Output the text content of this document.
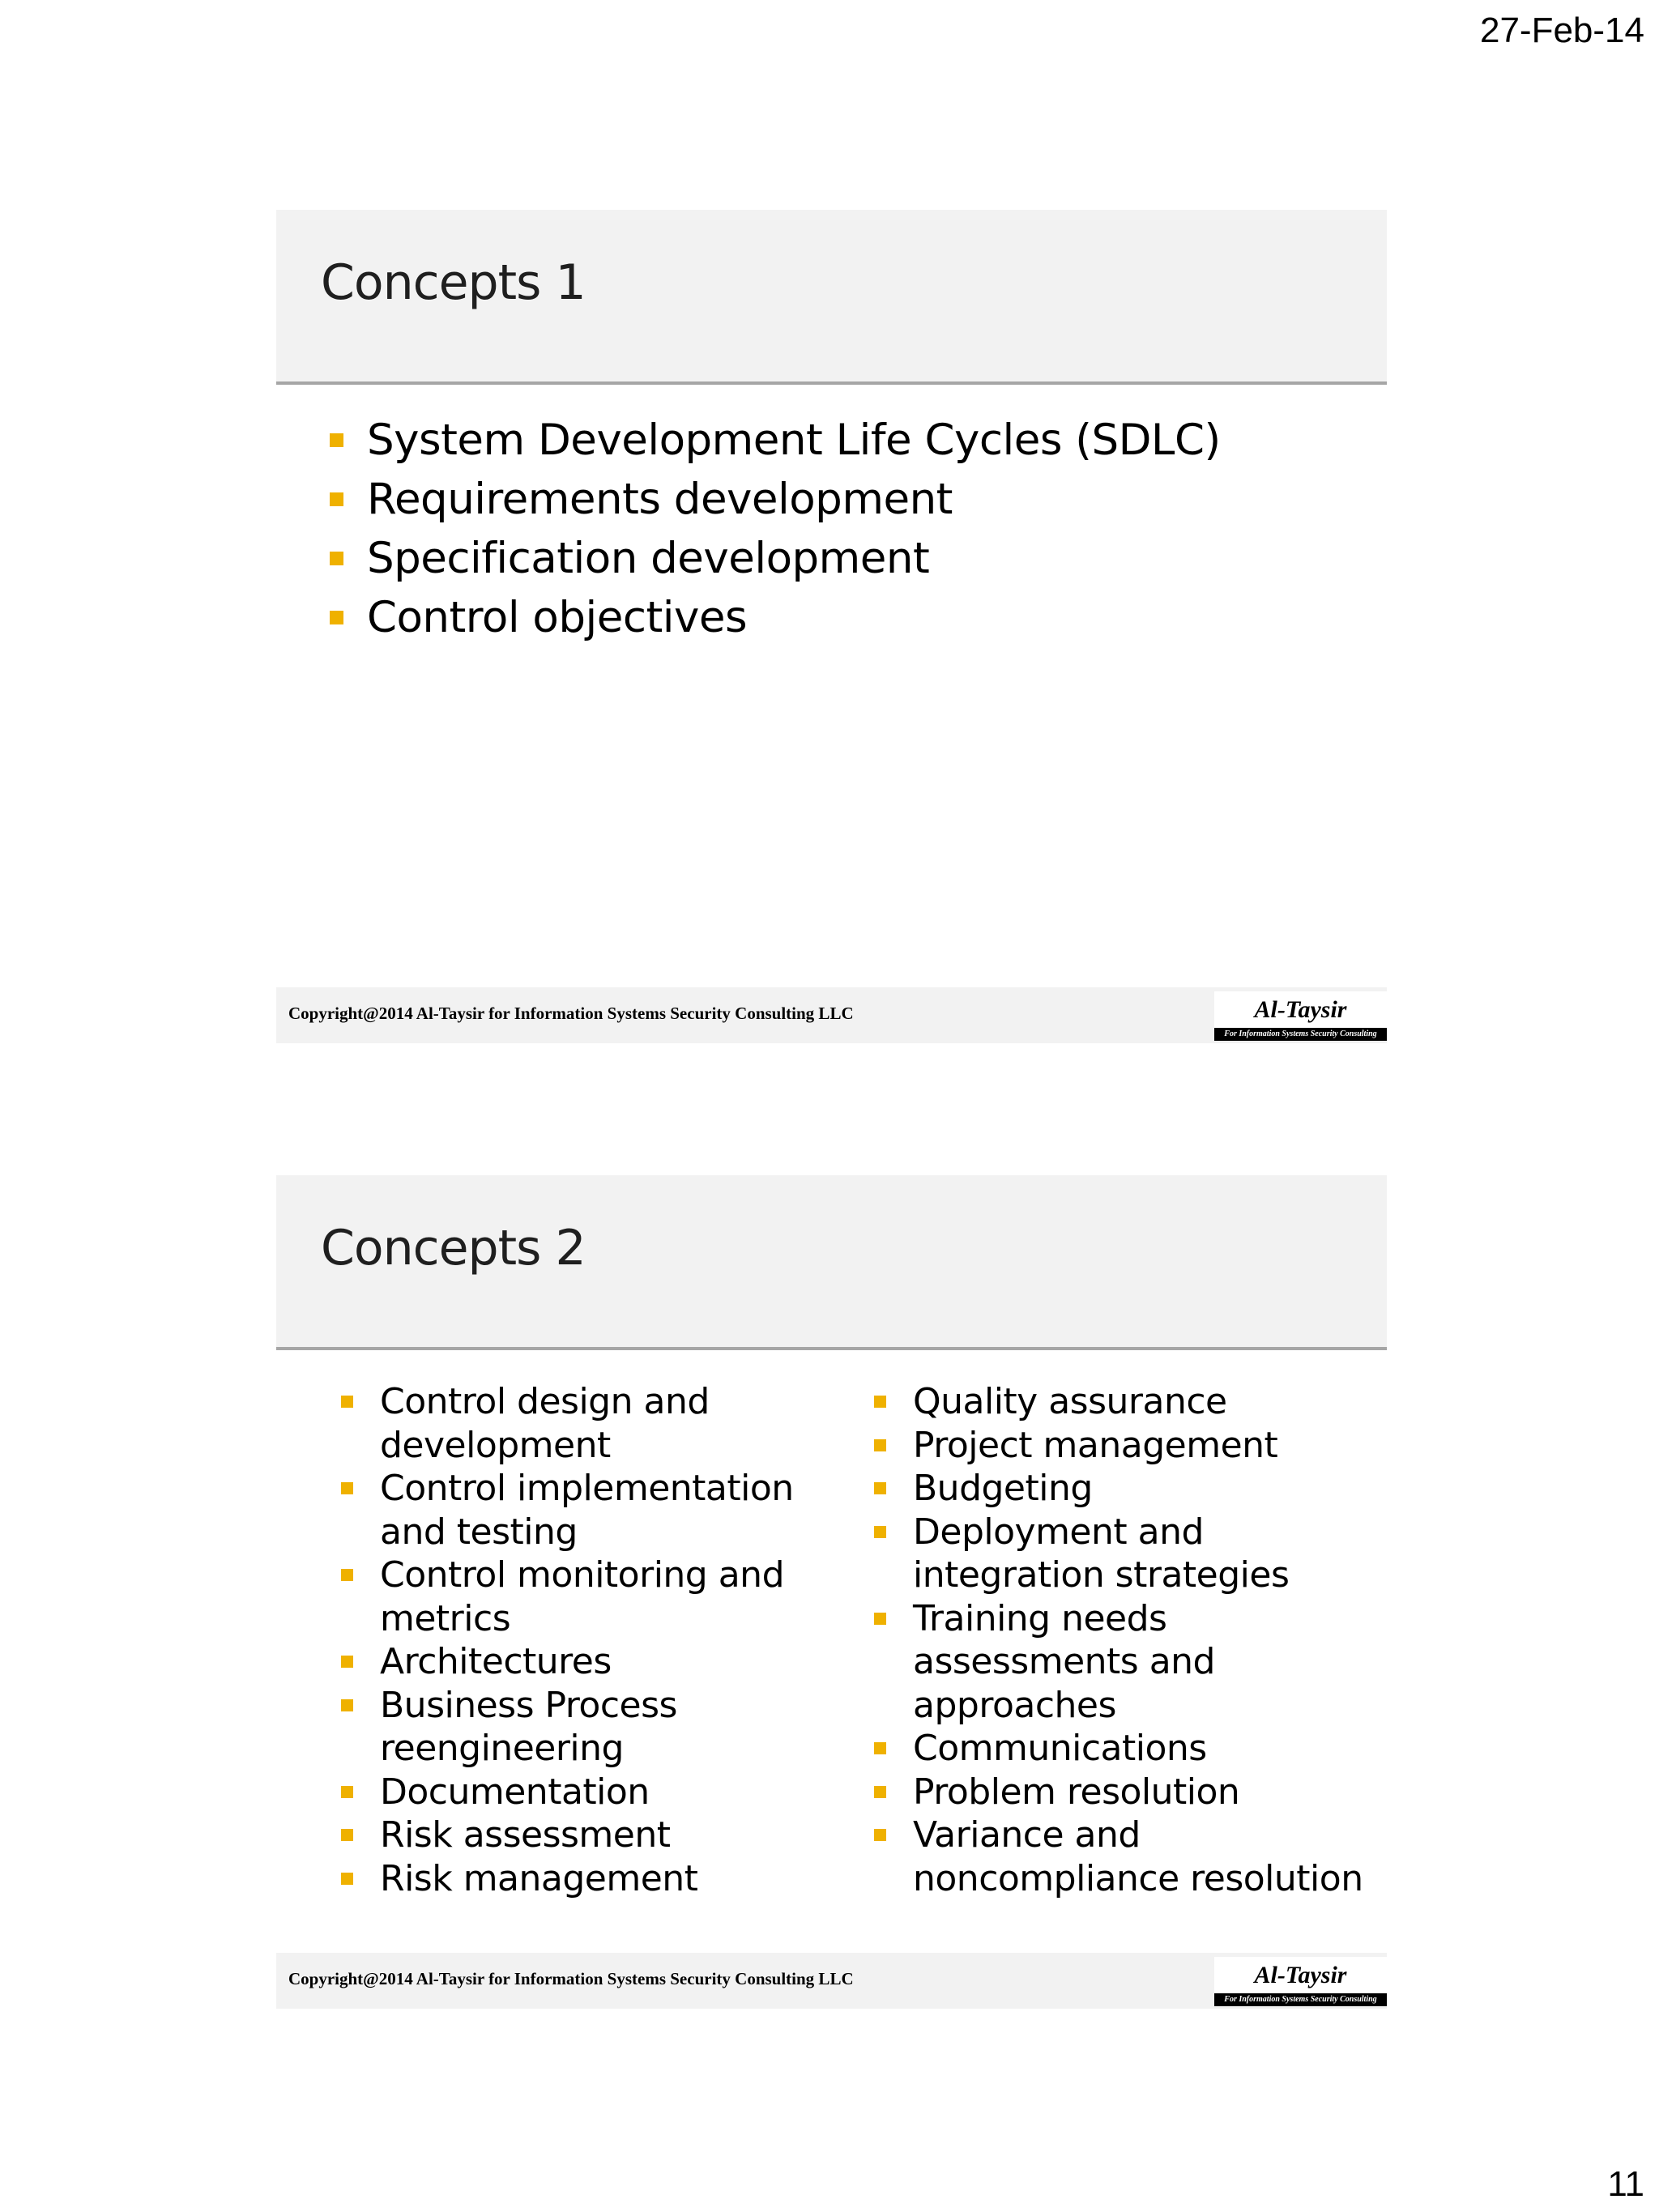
27-Feb-14
Concepts 1
System Development Life Cycles (SDLC)
Requirements development
Specification development
Control objectives
Copyright@2014 Al-Taysir for Information Systems Security Consulting LLC	Al-Taysir
For Information Systems Security Consulting
Concepts 2
Control design and development
Control implementation and testing
Control monitoring and metrics
Architectures
Business Process reengineering
Documentation
Risk assessment
Risk management
Quality assurance
Project management
Budgeting
Deployment and integration strategies
Training needs assessments and approaches
Communications
Problem resolution
Variance and noncompliance resolution
Copyright@2014 Al-Taysir for Information Systems Security Consulting LLC	Al-Taysir
For Information Systems Security Consulting
11
